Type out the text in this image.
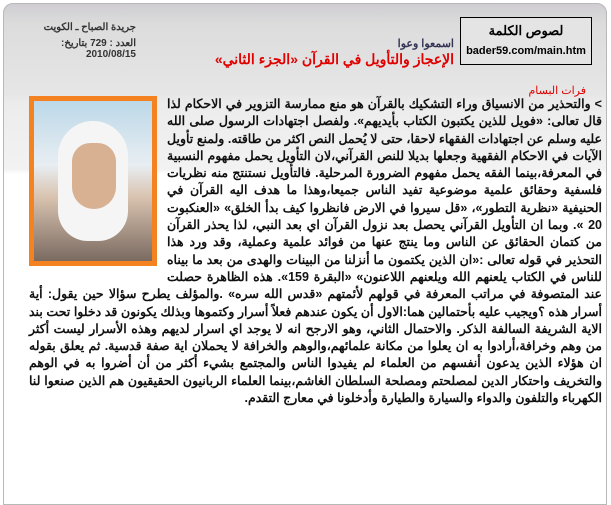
لصوص الكلمة
bader59.com/main.htm
جريدة الصباح ـ الكويت
العدد : 729 بتاريخ: 2010/08/15
اسمعوا وعوا
الإعجاز والتأويل في القرآن «الجزء الثاني»
فرات البسام
> والتحذير من الانسياق وراء التشكيك بالقرآن هو منع ممارسة التزوير في الاحكام لذا قال تعالى: «فويل للذين يكتبون الكتاب بأيديهم». ولفصل اجتهادات الرسول صلى الله عليه وسلم عن اجتهادات الفقهاء لاحقا، حتى لا يُحمل النص اكثر من طاقته. ولمنع تأويل الآيات في الاحكام الفقهية وجعلها بديلا للنص القرآني،لان التأويل يحمل مفهوم النسبية في المعرفة،بينما الفقه يحمل مفهوم الضرورة المرحلية. فالتأويل نستنتج منه نظريات فلسفية وحقائق علمية موضوعية تفيد الناس جميعا،وهذا ما هدف اليه القرآن في الحنيفية «نظرية التطور»، «قل سيروا في الارض فانظروا كيف بدأ الخلق» «العنكبوت 20 ». وبما ان التأويل القرآني يحصل بعد نزول القرآن اي بعد النبي، لذا يحذر القرآن من كتمان الحقائق عن الناس وما ينتج عنها من فوائد علمية وعملية، وقد ورد هذا التحذير في قوله تعالى :«ان الذين يكتمون ما أنزلنا من البينات والهدى من بعد ما بيناه للناس في الكتاب يلعنهم الله ويلعنهم اللاعنون» «البقرة 159». هذه الظاهرة حصلت عند المتصوفة في مراتب المعرفة في قولهم لأئمتهم «قدس الله سره» .والمؤلف يطرح سؤالا حين يقول: أية أسرار هذه ؟ويجيب عليه بأحتمالين هما:الاول أن يكون عندهم فعلاً أسرار وكتموها وبذلك يكونون قد دخلوا تحت بند الاية الشريفة السالفة الذكر. والاحتمال الثاني، وهو الارجح انه لا يوجد اي اسرار لديهم وهذه الأسرار ليست أكثر من وهم وخرافة،أرادوا به ان يعلوا من مكانة علمائهم،والوهم والخرافة لا يحملان اية صفة قدسية. ثم يعلق بقوله ان هؤلاء الذين يدعون أنفسهم من العلماء لم يفيدوا الناس والمجتمع بشيء أكثر من أن أضروا به في الوهم والتخريف واحتكار الدين لمصلحتم ومصلحة السلطان الغاشم،بينما العلماء الربانيون الحقيقيون هم الذين صنعوا لنا الكهرباء والتلفون والدواء والسيارة والطيارة وأدخلونا في معارج التقدم.
